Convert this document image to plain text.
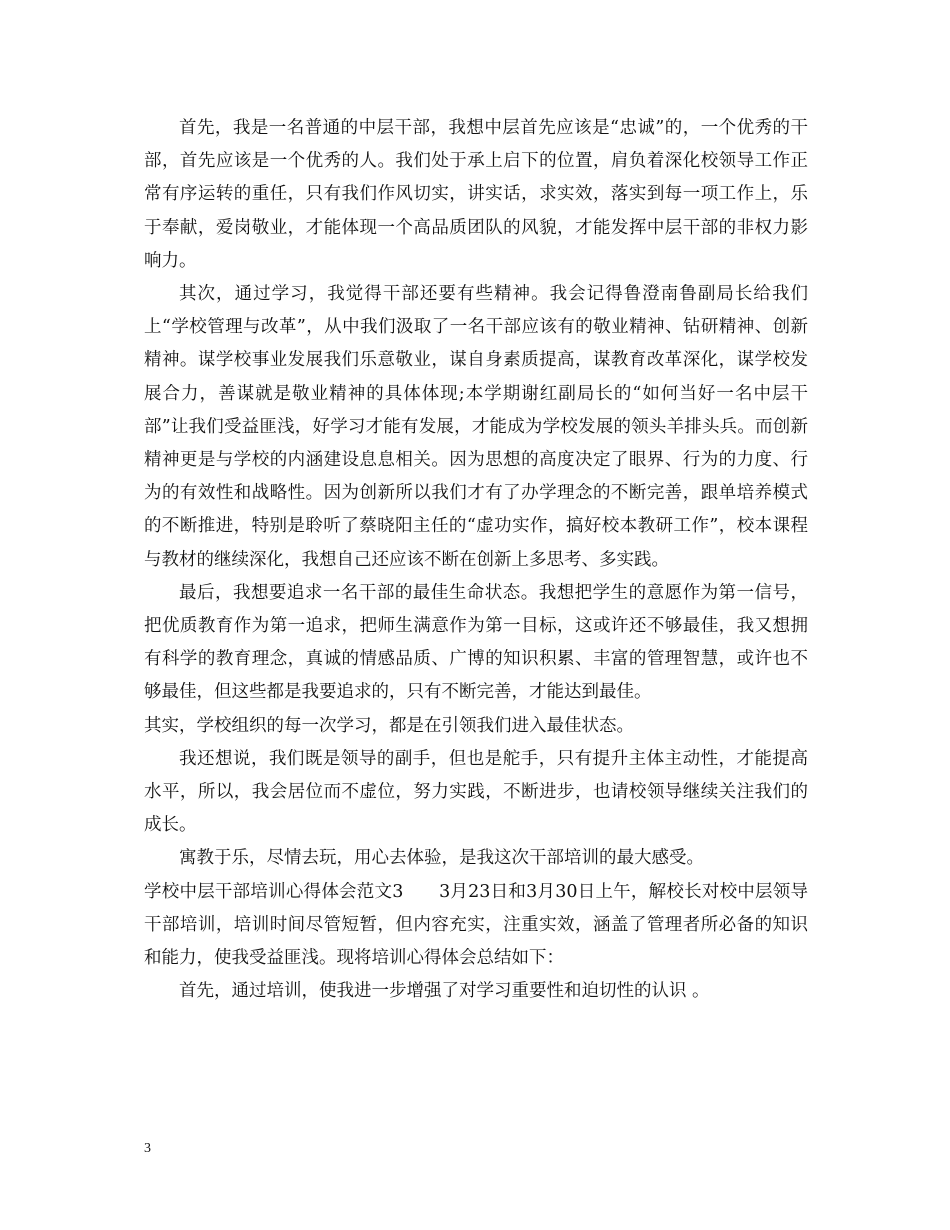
首先，我是一名普通的中层干部，我想中层首先应该是“忠诚”的，一个优秀的干部，首先应该是一个优秀的人。我们处于承上启下的位置，肩负着深化校领导工作正常有序运转的重任，只有我们作风切实，讲实话，求实效，落实到每一项工作上，乐于奉献，爱岗敬业，才能体现一个高品质团队的风貌，才能发挥中层干部的非权力影响力。

其次，通过学习，我觉得干部还要有些精神。我会记得鲁澄南鲁副局长给我们上“学校管理与改革”，从中我们汲取了一名干部应该有的敬业精神、钻研精神、创新精神。谋学校事业发展我们乐意敬业，谋自身素质提高，谋教育改革深化，谋学校发展合力，善谋就是敬业精神的具体体现;本学期谢红副局长的“如何当好一名中层干部”让我们受益匪浅，好学习才能有发展，才能成为学校发展的领头羊排头兵。而创新精神更是与学校的内涵建设息息相关。因为思想的高度决定了眼界、行为的力度、行为的有效性和战略性。因为创新所以我们才有了办学理念的不断完善，跟单培养模式的不断推进，特别是聆听了蔡晓阳主任的“虚功实作，搞好校本教研工作”，校本课程与教材的继续深化，我想自己还应该不断在创新上多思考、多实践。

最后，我想要追求一名干部的最佳生命状态。我想把学生的意愿作为第一信号，把优质教育作为第一追求，把师生满意作为第一目标，这或许还不够最佳，我又想拥有科学的教育理念，真诚的情感品质、广博的知识积累、丰富的管理智慧，或许也不够最佳，但这些都是我要追求的，只有不断完善，才能达到最佳。

其实，学校组织的每一次学习，都是在引领我们进入最佳状态。

我还想说，我们既是领导的副手，但也是舵手，只有提升主体主动性，才能提高水平，所以，我会居位而不虚位，努力实践，不断进步，也请校领导继续关注我们的成长。

寓教于乐，尽情去玩，用心去体验，是我这次干部培训的最大感受。

学校中层干部培训心得体会范文3　　3月23日和3月30日上午，解校长对校中层领导干部培训，培训时间尽管短暂，但内容充实，注重实效，涵盖了管理者所必备的知识和能力，使我受益匪浅。现将培训心得体会总结如下：

首先，通过培训，使我进一步增强了对学习重要性和迫切性的认识 。

3
